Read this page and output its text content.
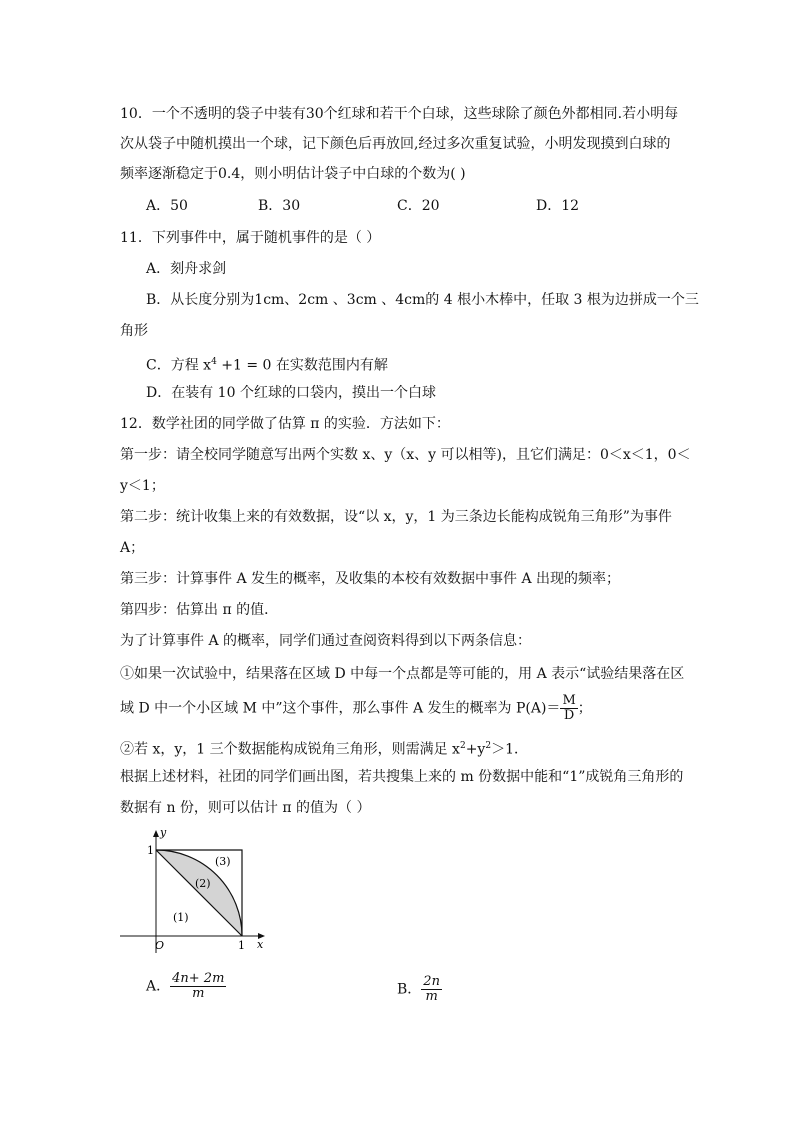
10．一个不透明的袋子中装有30个红球和若干个白球，这些球除了颜色外都相同.若小明每
次从袋子中随机摸出一个球，记下颜色后再放回,经过多次重复试验，小明发现摸到白球的
频率逐渐稳定于0.4，则小明估计袋子中白球的个数为( )
A．50	B．30	C．20	D．12
11．下列事件中，属于随机事件的是（ ）
A．刻舟求剑
B．从长度分别为1cm、2cm 、3cm 、4cm的 4 根小木棒中，任取 3 根为边拼成一个三
角形
C．方程 $x^4 +1 = 0$ 在实数范围内有解
D．在装有 10 个红球的口袋内，摸出一个白球
12．数学社团的同学做了估算 π 的实验．方法如下：
第一步：请全校同学随意写出两个实数 x、y（x、y 可以相等)，且它们满足：0＜x＜1，0＜
y＜1；
第二步：统计收集上来的有效数据，设“以 x，y，1 为三条边长能构成锐角三角形”为事件
A；
第三步：计算事件 A 发生的概率，及收集的本校有效数据中事件 A 出现的频率；
第四步：估算出 π 的值．
为了计算事件 A 的概率，同学们通过查阅资料得到以下两条信息：
①如果一次试验中，结果落在区域 D 中每一个点都是等可能的，用 A 表示“试验结果落在区
域 D 中一个小区域 M 中”这个事件，那么事件 A 发生的概率为 $P(A)= \frac{M}{D}$ ；
②若 x，y，1 三个数据能构成锐角三角形，则需满足 $x^2+y^2>1$．
根据上述材料，社团的同学们画出图，若共搜集上来的 m 份数据中能和“1”成锐角三角形的
数据有 n 份，则可以估计 π 的值为（ ）
y
x
O
1
1
(1)
(2)
(3)
A． $\frac{4n+ 2m}{m}$	B． $\frac{2n}{m}$
